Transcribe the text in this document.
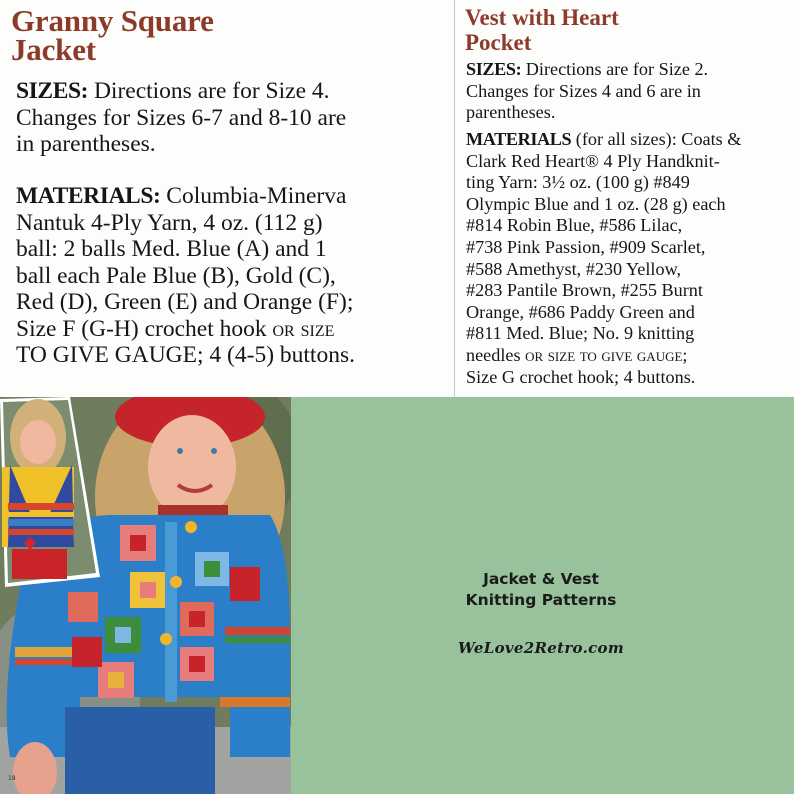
Granny Square
Jacket

SIZES: Directions are for Size 4.
Changes for Sizes 6-7 and 8-10 are
in parentheses.

MATERIALS: Columbia-Minerva
Nantuk 4-Ply Yarn, 4 oz. (112 g)
ball: 2 balls Med. Blue (A) and 1
ball each Pale Blue (B), Gold (C),
Red (D), Green (E) and Orange (F);
Size F (G-H) crochet hook or size
TO GIVE GAUGE; 4 (4-5) buttons.

Vest with Heart
Pocket

SIZES: Directions are for Size 2.
Changes for Sizes 4 and 6 are in
parentheses.

MATERIALS (for all sizes): Coats &
Clark Red Heart® 4 Ply Handknit-
ting Yarn: 3½ oz. (100 g) #849
Olympic Blue and 1 oz. (28 g) each
#814 Robin Blue, #586 Lilac,
#738 Pink Passion, #909 Scarlet,
#588 Amethyst, #230 Yellow,
#283 Pantile Brown, #255 Burnt
Orange, #686 Paddy Green and
#811 Med. Blue; No. 9 knitting
needles or size to give gauge;
Size G crochet hook; 4 buttons.

18

Jacket & Vest
Knitting Patterns

WeLove2Retro.com
